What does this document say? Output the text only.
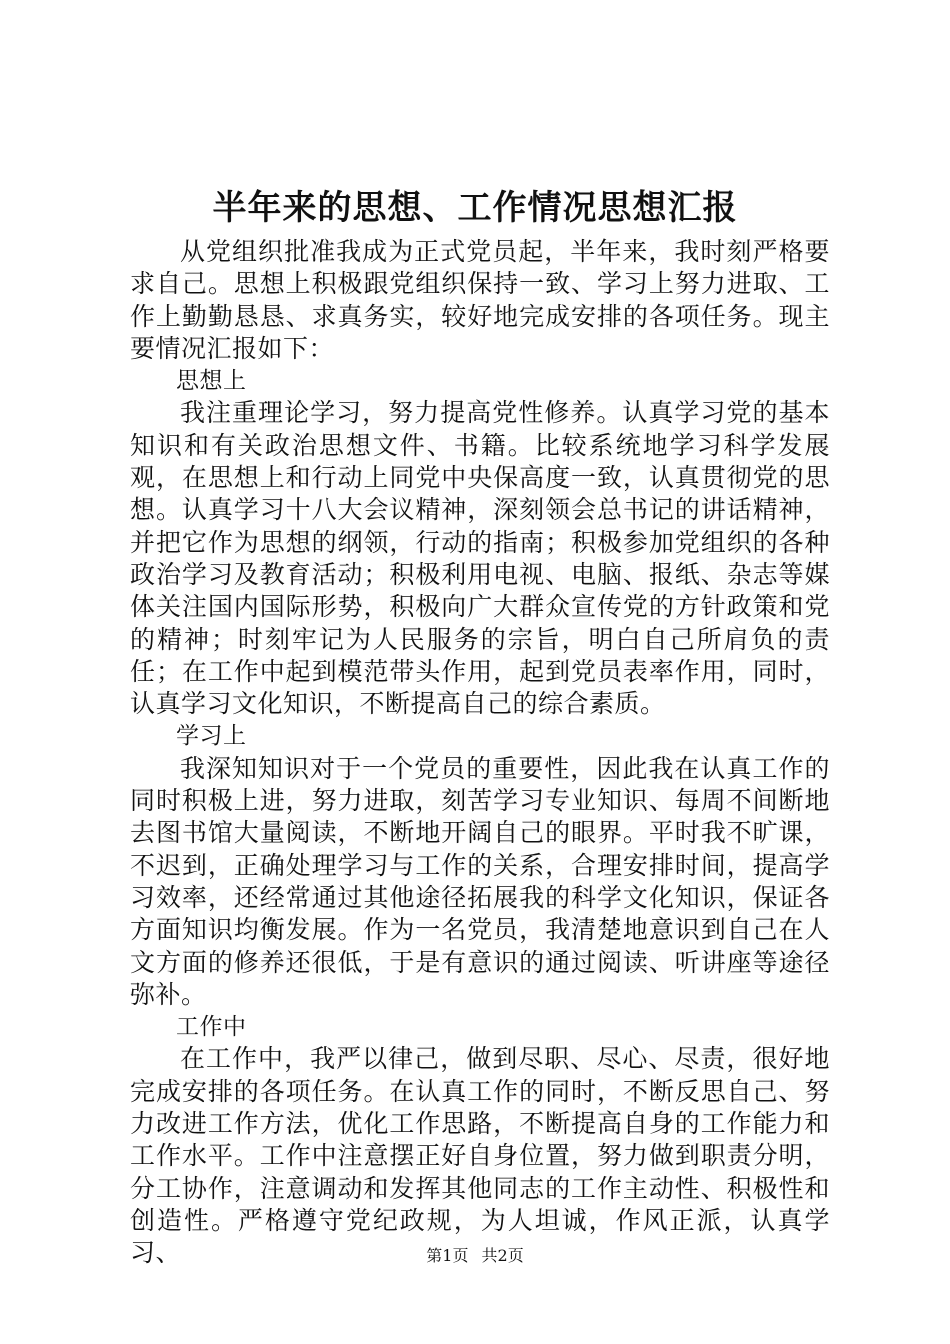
半年来的思想、工作情况思想汇报

从党组织批准我成为正式党员起，半年来，我时刻严格要求自己。思想上积极跟党组织保持一致、学习上努力进取、工作上勤勤恳恳、求真务实，较好地完成安排的各项任务。现主要情况汇报如下：

思想上

我注重理论学习，努力提高党性修养。认真学习党的基本知识和有关政治思想文件、书籍。比较系统地学习科学发展观，在思想上和行动上同党中央保高度一致，认真贯彻党的思想。认真学习十八大会议精神，深刻领会总书记的讲话精神，并把它作为思想的纲领，行动的指南；积极参加党组织的各种政治学习及教育活动；积极利用电视、电脑、报纸、杂志等媒体关注国内国际形势，积极向广大群众宣传党的方针政策和党的精神；时刻牢记为人民服务的宗旨，明白自己所肩负的责任；在工作中起到模范带头作用，起到党员表率作用，同时，认真学习文化知识，不断提高自己的综合素质。

学习上

我深知知识对于一个党员的重要性，因此我在认真工作的同时积极上进，努力进取，刻苦学习专业知识、每周不间断地去图书馆大量阅读，不断地开阔自己的眼界。平时我不旷课，不迟到，正确处理学习与工作的关系，合理安排时间，提高学习效率，还经常通过其他途径拓展我的科学文化知识，保证各方面知识均衡发展。作为一名党员，我清楚地意识到自己在人文方面的修养还很低，于是有意识的通过阅读、听讲座等途径弥补。

工作中

在工作中，我严以律己，做到尽职、尽心、尽责，很好地完成安排的各项任务。在认真工作的同时，不断反思自己、努力改进工作方法，优化工作思路，不断提高自身的工作能力和工作水平。工作中注意摆正好自身位置，努力做到职责分明，分工协作，注意调动和发挥其他同志的工作主动性、积极性和创造性。严格遵守党纪政规，为人坦诚，作风正派，认真学习、	第1页 共2页
